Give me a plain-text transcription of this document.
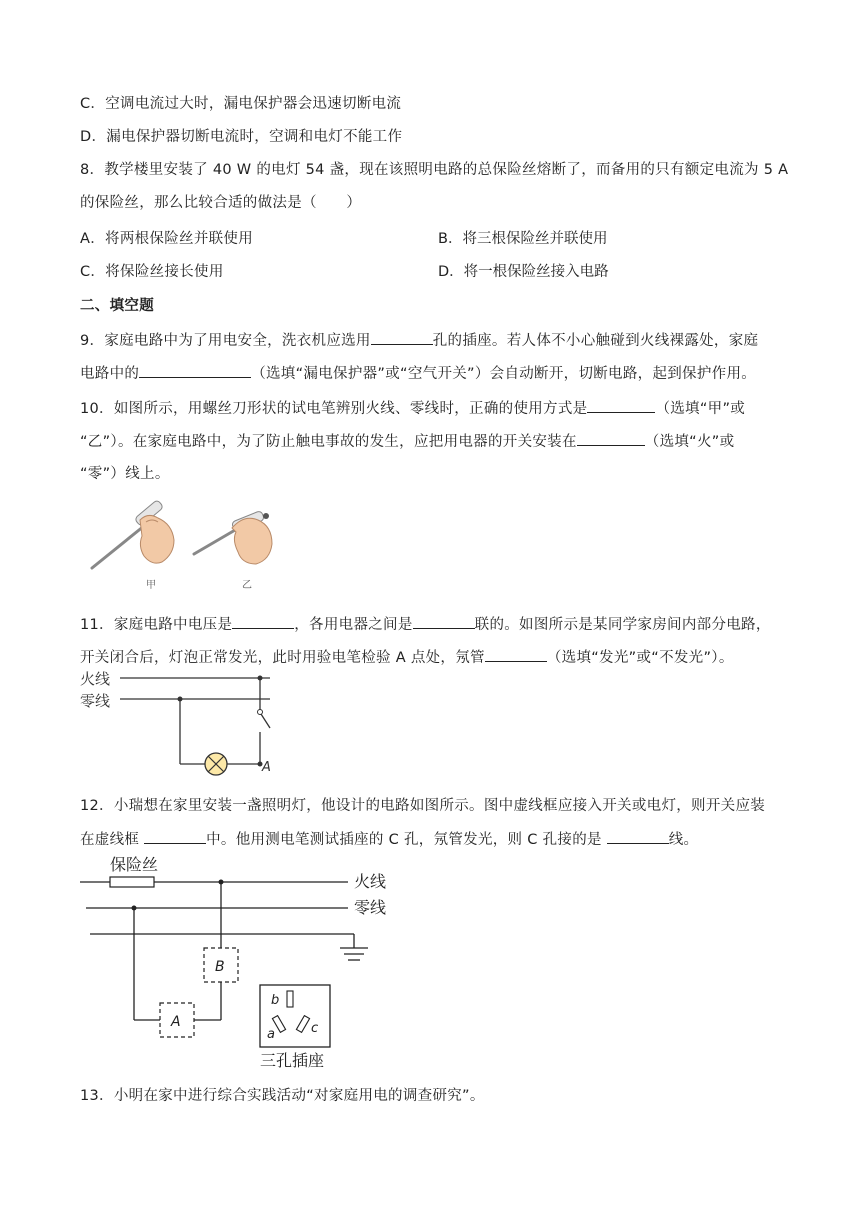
C．空调电流过大时，漏电保护器会迅速切断电流
D．漏电保护器切断电流时，空调和电灯不能工作
8．教学楼里安装了 40 W 的电灯 54 盏，现在该照明电路的总保险丝熔断了，而备用的只有额定电流为 5 A
的保险丝，那么比较合适的做法是（　　）
A．将两根保险丝并联使用	B．将三根保险丝并联使用
C．将保险丝接长使用	D．将一根保险丝接入电路
二、填空题
9．家庭电路中为了用电安全，洗衣机应选用	孔的插座。若人体不小心触碰到火线裸露处，家庭
电路中的	（选填“漏电保护器”或“空气开关”）会自动断开，切断电路，起到保护作用。
10．如图所示，用螺丝刀形状的试电笔辨别火线、零线时，正确的使用方式是	（选填“甲”或
“乙”）。在家庭电路中，为了防止触电事故的发生，应把用电器的开关安装在	（选填“火”或
“零”）线上。
甲	乙
11．家庭电路中电压是	，各用电器之间是	联的。如图所示是某同学家房间内部分电路，
开关闭合后，灯泡正常发光，此时用验电笔检验 A 点处，氖管	（选填“发光”或“不发光”）。
火线
零线
A
12．小瑞想在家里安装一盏照明灯，他设计的电路如图所示。图中虚线框应接入开关或电灯，则开关应装
在虚线框	中。他用测电笔测试插座的 C 孔，氖管发光，则 C 孔接的是	线。
保险丝
火线
零线
B
A
b
a	c
三孔插座
13．小明在家中进行综合实践活动“对家庭用电的调查研究”。
